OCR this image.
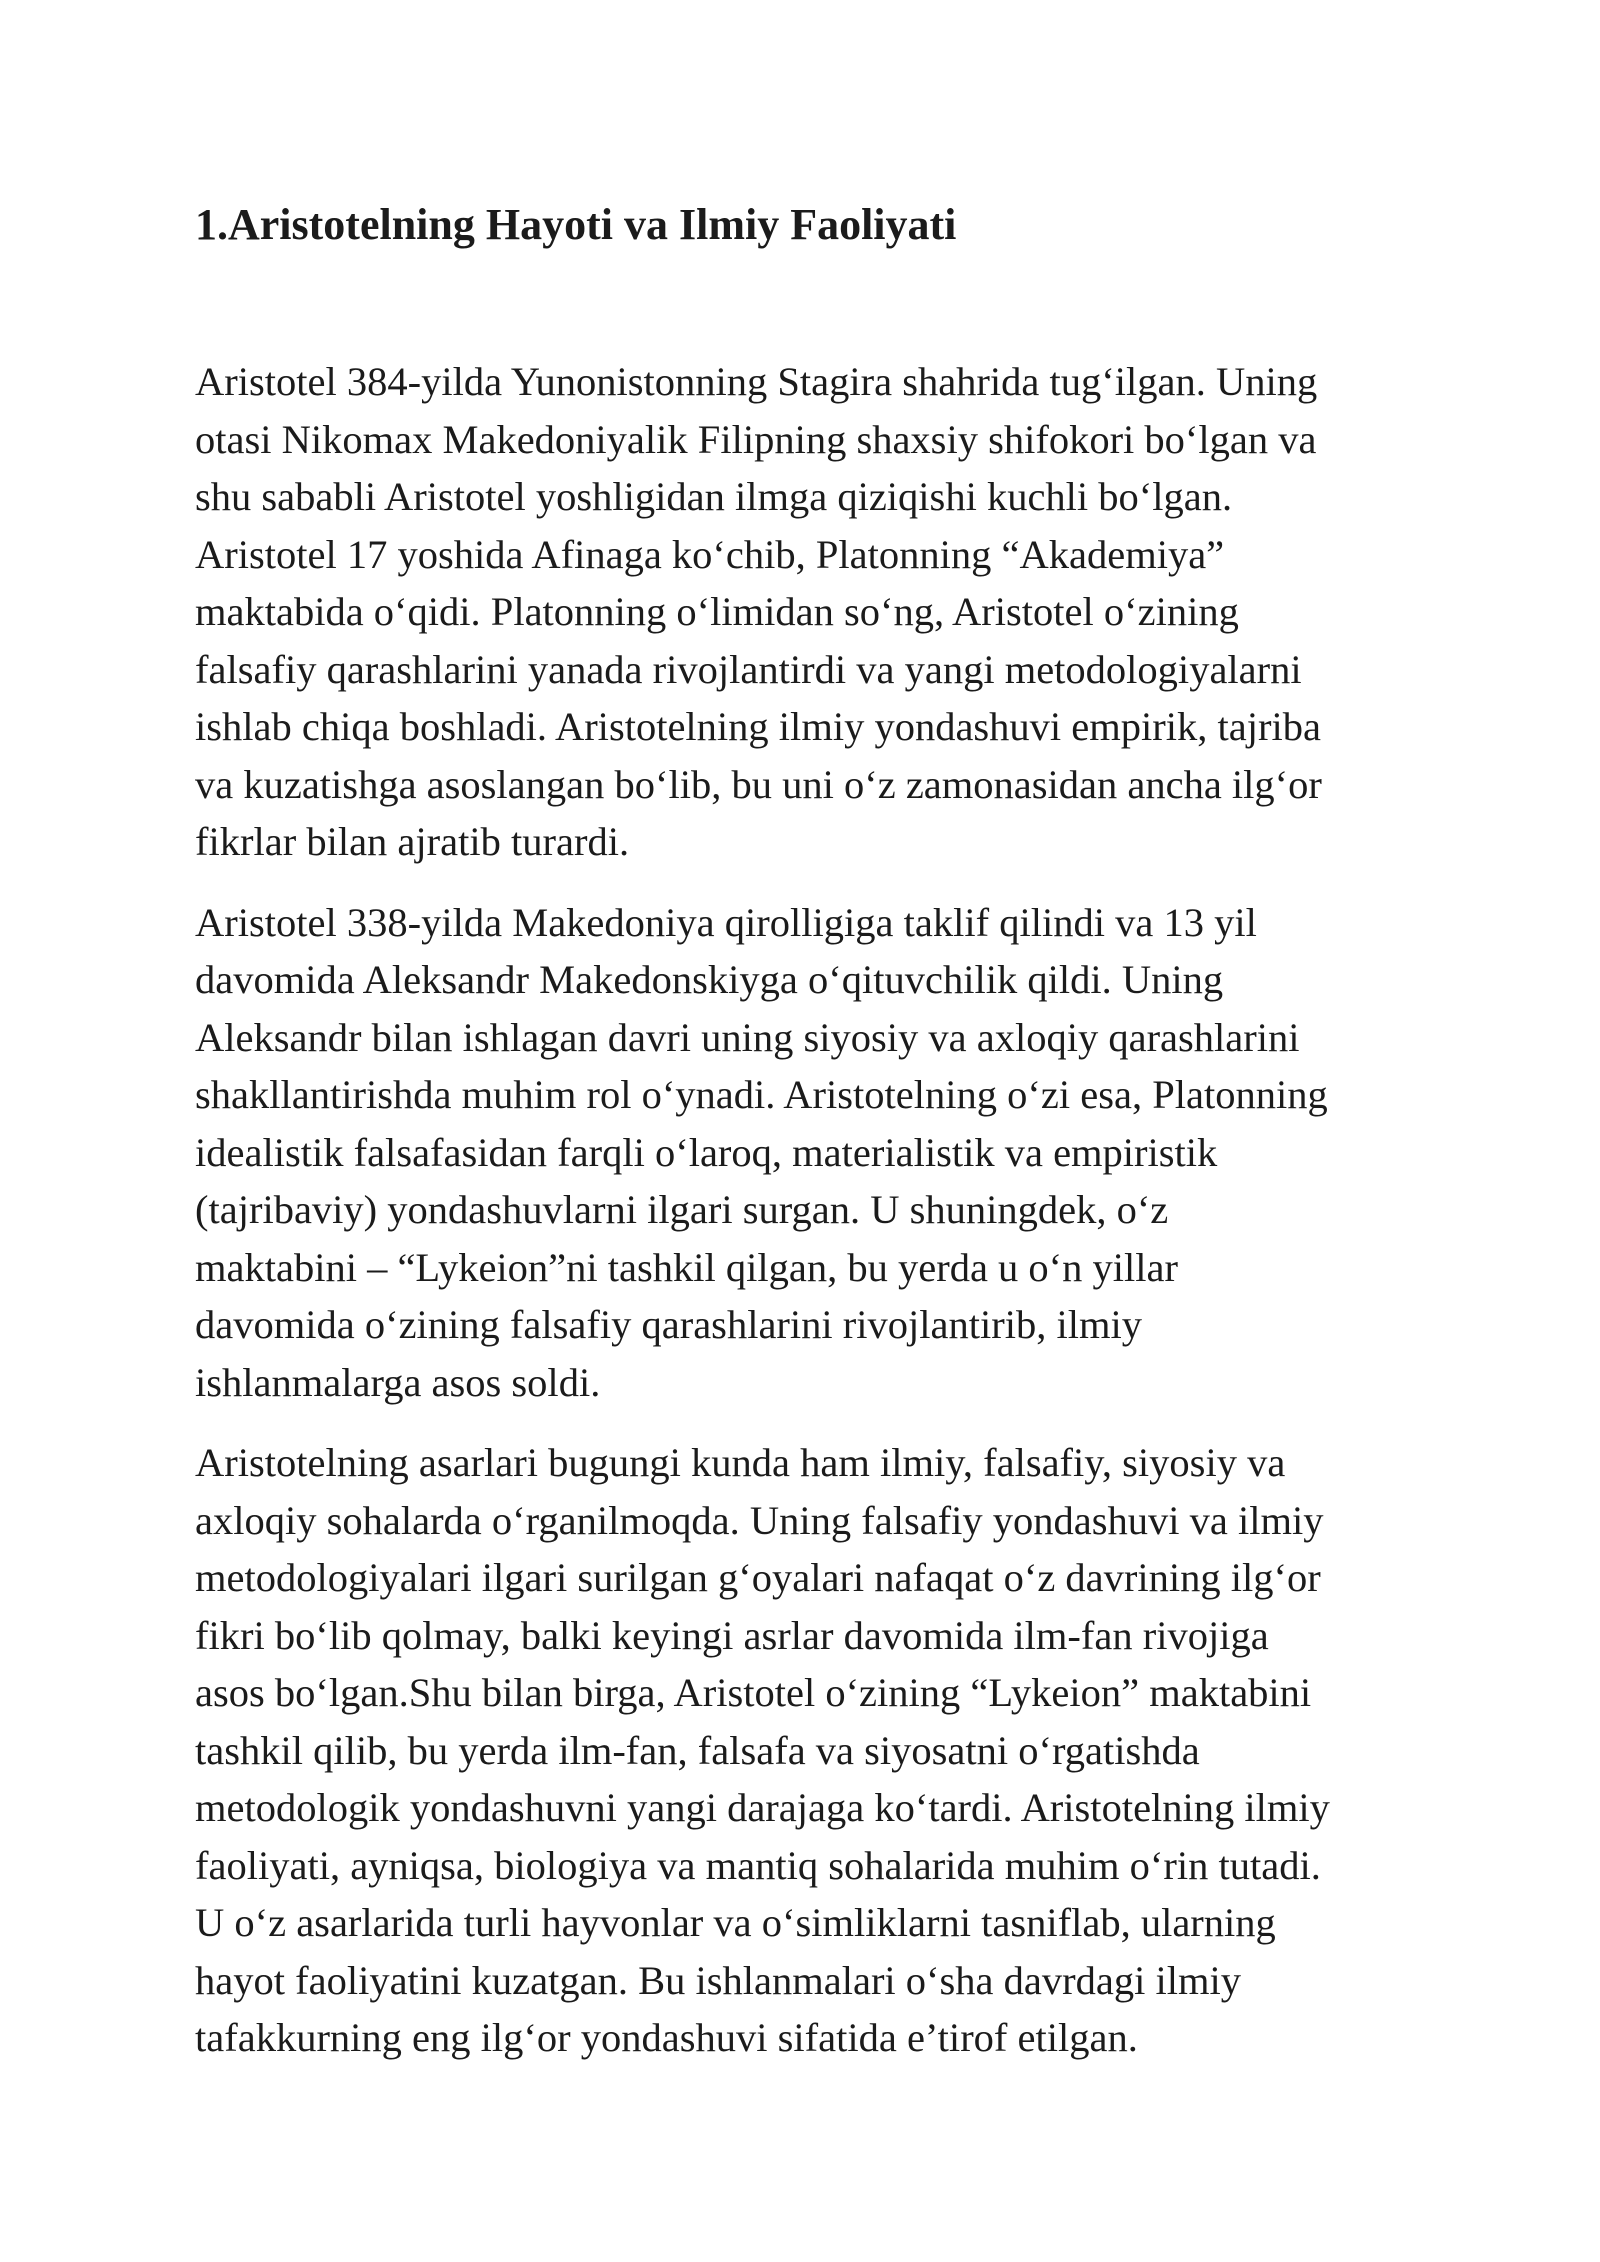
1.Aristotelning Hayoti va Ilmiy Faoliyati

Aristotel 384-yilda Yunonistonning Stagira shahrida tug‘ilgan. Uning
otasi Nikomax Makedoniyalik Filipning shaxsiy shifokori bo‘lgan va
shu sababli Aristotel yoshligidan ilmga qiziqishi kuchli bo‘lgan.
Aristotel 17 yoshida Afinaga ko‘chib, Platonning “Akademiya”
maktabida o‘qidi. Platonning o‘limidan so‘ng, Aristotel o‘zining
falsafiy qarashlarini yanada rivojlantirdi va yangi metodologiyalarni
ishlab chiqa boshladi. Aristotelning ilmiy yondashuvi empirik, tajriba
va kuzatishga asoslangan bo‘lib, bu uni o‘z zamonasidan ancha ilg‘or
fikrlar bilan ajratib turardi.

Aristotel 338-yilda Makedoniya qirolligiga taklif qilindi va 13 yil
davomida Aleksandr Makedonskiyga o‘qituvchilik qildi. Uning
Aleksandr bilan ishlagan davri uning siyosiy va axloqiy qarashlarini
shakllantirishda muhim rol o‘ynadi. Aristotelning o‘zi esa, Platonning
idealistik falsafasidan farqli o‘laroq, materialistik va empiristik
(tajribaviy) yondashuvlarni ilgari surgan. U shuningdek, o‘z
maktabini – “Lykeion”ni tashkil qilgan, bu yerda u o‘n yillar
davomida o‘zining falsafiy qarashlarini rivojlantirib, ilmiy
ishlanmalarga asos soldi.

Aristotelning asarlari bugungi kunda ham ilmiy, falsafiy, siyosiy va
axloqiy sohalarda o‘rganilmoqda. Uning falsafiy yondashuvi va ilmiy
metodologiyalari ilgari surilgan g‘oyalari nafaqat o‘z davrining ilg‘or
fikri bo‘lib qolmay, balki keyingi asrlar davomida ilm-fan rivojiga
asos bo‘lgan.Shu bilan birga, Aristotel o‘zining “Lykeion” maktabini
tashkil qilib, bu yerda ilm-fan, falsafa va siyosatni o‘rgatishda
metodologik yondashuvni yangi darajaga ko‘tardi. Aristotelning ilmiy
faoliyati, ayniqsa, biologiya va mantiq sohalarida muhim o‘rin tutadi.
U o‘z asarlarida turli hayvonlar va o‘simliklarni tasniflab, ularning
hayot faoliyatini kuzatgan. Bu ishlanmalari o‘sha davrdagi ilmiy
tafakkurning eng ilg‘or yondashuvi sifatida e’tirof etilgan.
